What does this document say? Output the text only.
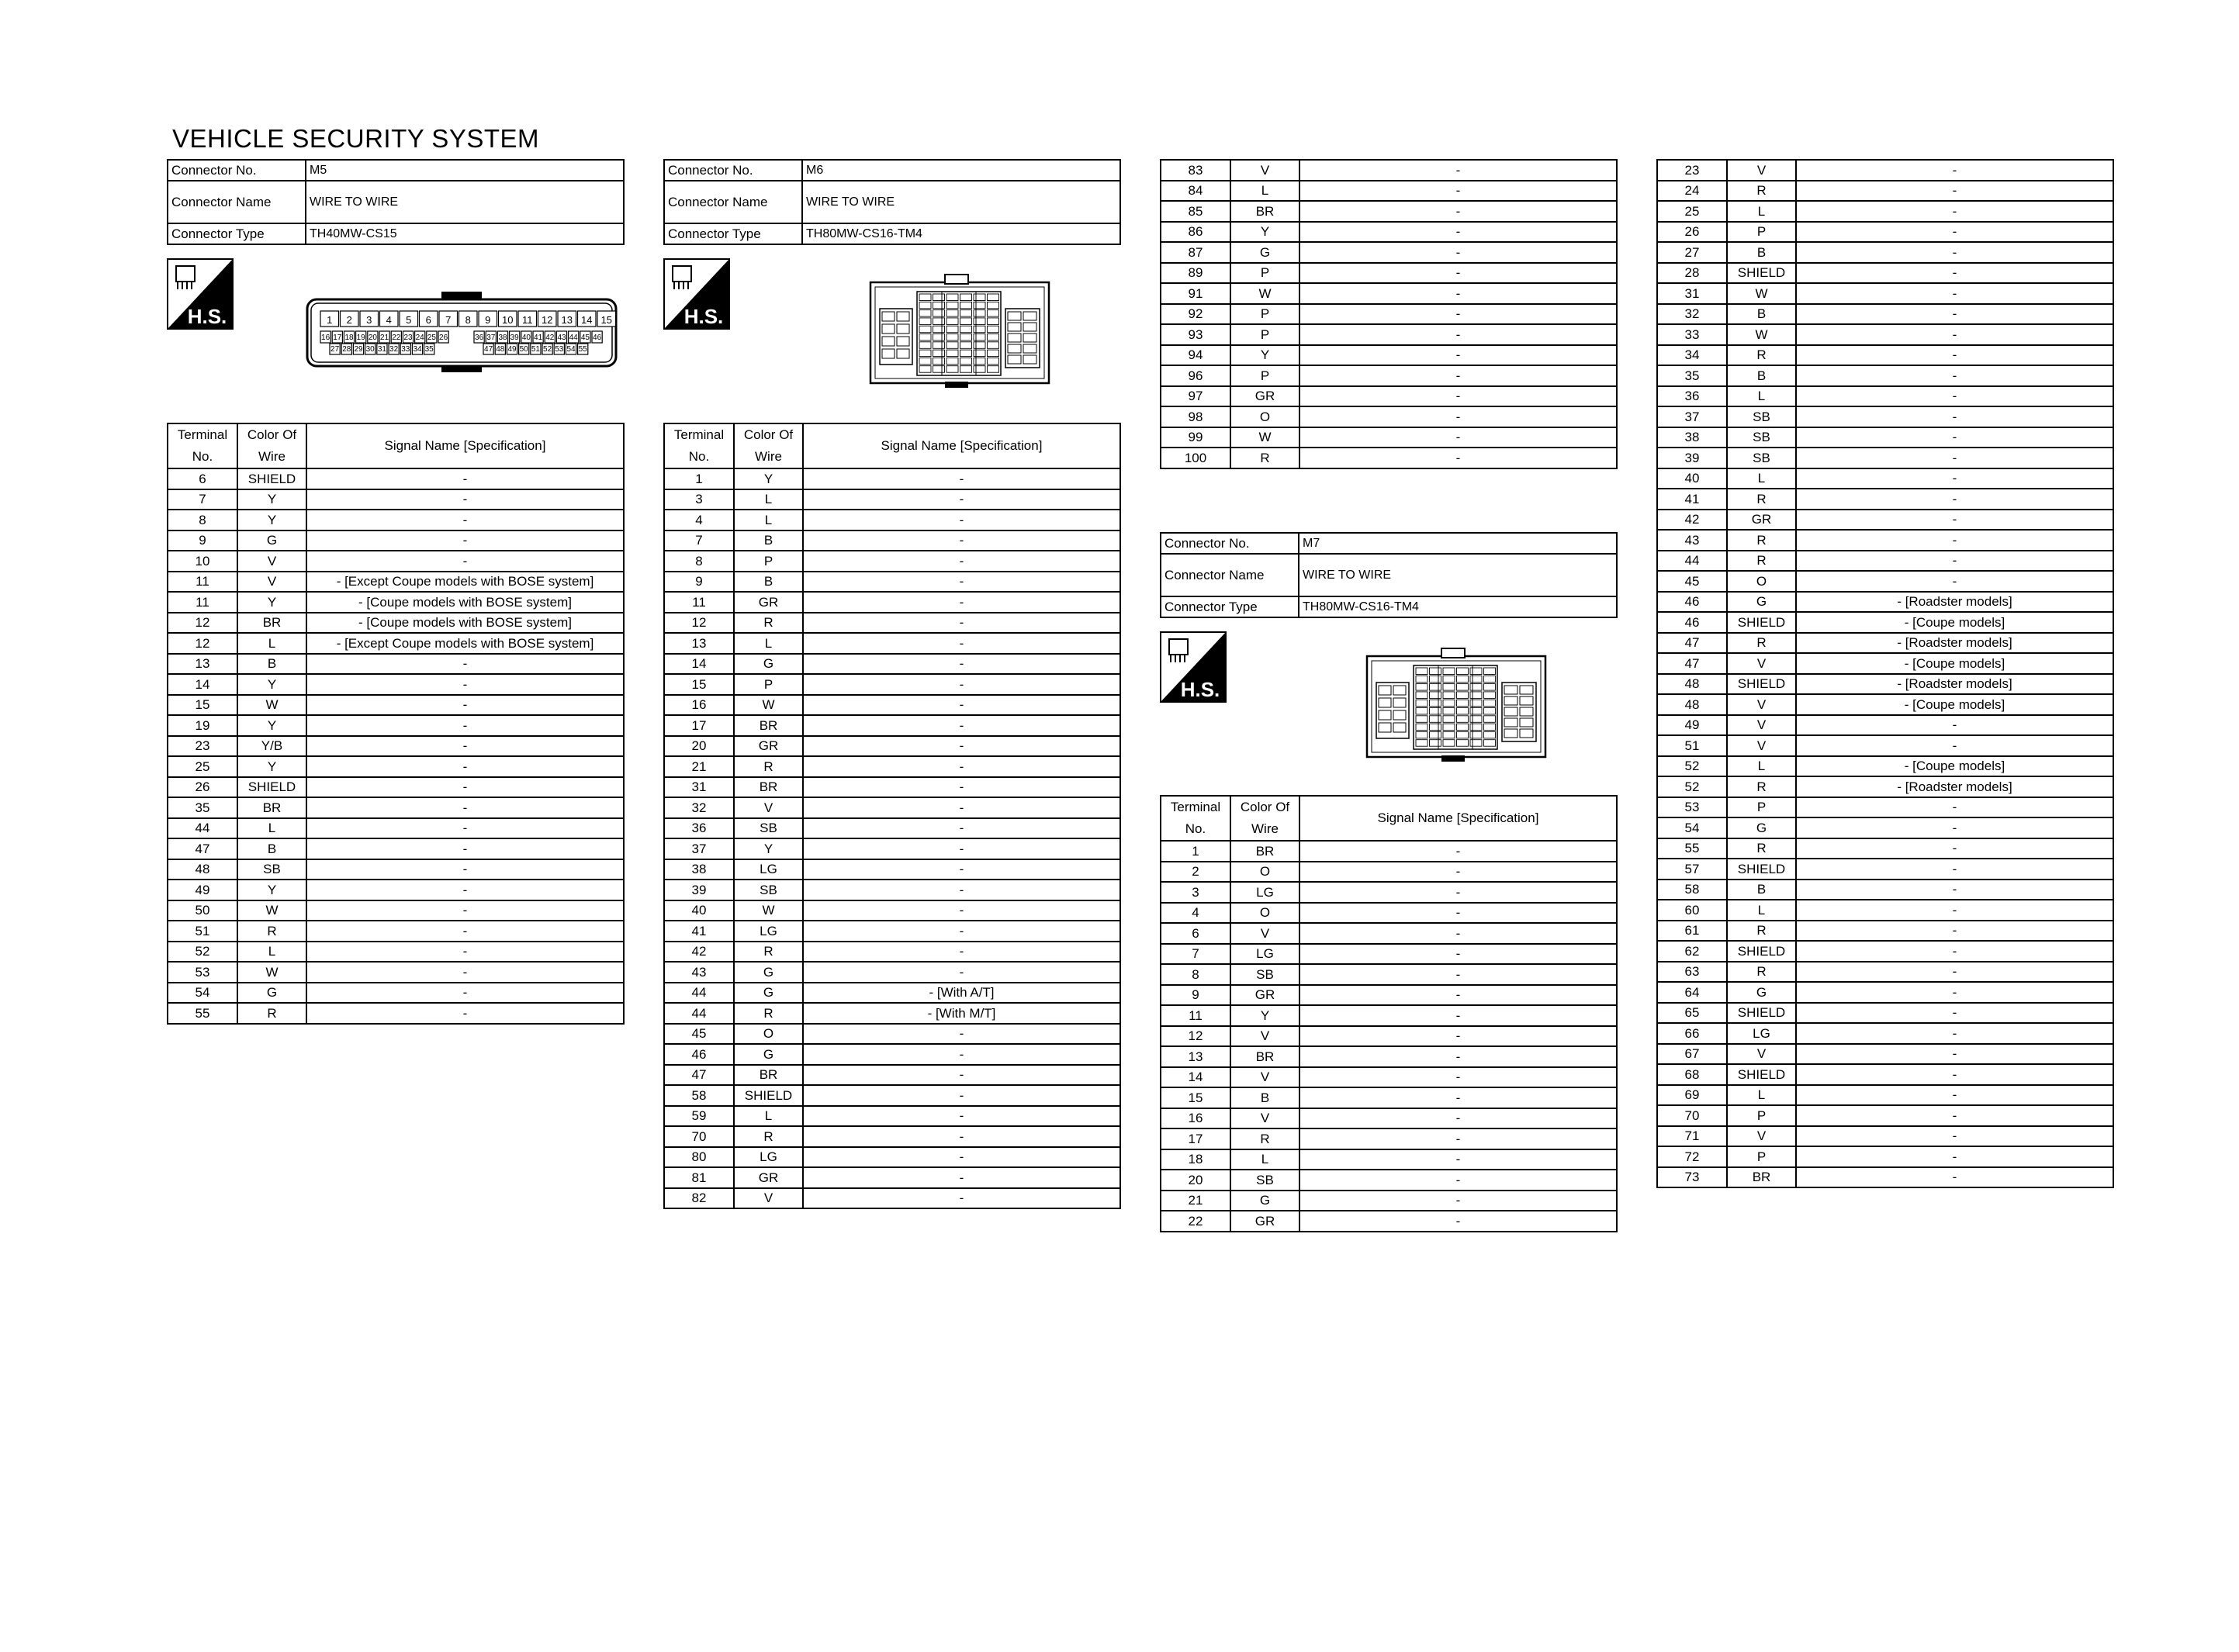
VEHICLE SECURITY SYSTEM
Connector No.	M5
Connector Name	WIRE TO WIRE
Connector Type	TH40MW-CS15
H.S.	1 2 3 4 5 6 7 8 9 10 11 12 13 14 15
16 17 18 19 20 21 22 23 24 25 26	36 37 38 39 40 41 42 43 44 45 46
27 28 29 30 31 32 33 34 35	47 48 49 50 51 52 53 54 55
Terminal No.	Color Of Wire	Signal Name [Specification]
6	SHIELD	-
7	Y	-
8	Y	-
9	G	-
10	V	-
11	V	- [Except Coupe models with BOSE system]
11	Y	- [Coupe models with BOSE system]
12	BR	- [Coupe models with BOSE system]
12	L	- [Except Coupe models with BOSE system]
13	B	-
14	Y	-
15	W	-
19	Y	-
23	Y/B	-
25	Y	-
26	SHIELD	-
35	BR	-
44	L	-
47	B	-
48	SB	-
49	Y	-
50	W	-
51	R	-
52	L	-
53	W	-
54	G	-
55	R	-
Connector No.	M6
Connector Name	WIRE TO WIRE
Connector Type	TH80MW-CS16-TM4
H.S.
Terminal No.	Color Of Wire	Signal Name [Specification]
1	Y	-
3	L	-
4	L	-
7	B	-
8	P	-
9	B	-
11	GR	-
12	R	-
13	L	-
14	G	-
15	P	-
16	W	-
17	BR	-
20	GR	-
21	R	-
31	BR	-
32	V	-
36	SB	-
37	Y	-
38	LG	-
39	SB	-
40	W	-
41	LG	-
42	R	-
43	G	-
44	G	- [With A/T]
44	R	- [With M/T]
45	O	-
46	G	-
47	BR	-
58	SHIELD	-
59	L	-
70	R	-
80	LG	-
81	GR	-
82	V	-
83	V	-
84	L	-
85	BR	-
86	Y	-
87	G	-
89	P	-
91	W	-
92	P	-
93	P	-
94	Y	-
96	P	-
97	GR	-
98	O	-
99	W	-
100	R	-
Connector No.	M7
Connector Name	WIRE TO WIRE
Connector Type	TH80MW-CS16-TM4
H.S.
Terminal No.	Color Of Wire	Signal Name [Specification]
1	BR	-
2	O	-
3	LG	-
4	O	-
6	V	-
7	LG	-
8	SB	-
9	GR	-
11	Y	-
12	V	-
13	BR	-
14	V	-
15	B	-
16	V	-
17	R	-
18	L	-
20	SB	-
21	G	-
22	GR	-
23	V	-
24	R	-
25	L	-
26	P	-
27	B	-
28	SHIELD	-
31	W	-
32	B	-
33	W	-
34	R	-
35	B	-
36	L	-
37	SB	-
38	SB	-
39	SB	-
40	L	-
41	R	-
42	GR	-
43	R	-
44	R	-
45	O	-
46	G	- [Roadster models]
46	SHIELD	- [Coupe models]
47	R	- [Roadster models]
47	V	- [Coupe models]
48	SHIELD	- [Roadster models]
48	V	- [Coupe models]
49	V	-
51	V	-
52	L	- [Coupe models]
52	R	- [Roadster models]
53	P	-
54	G	-
55	R	-
57	SHIELD	-
58	B	-
60	L	-
61	R	-
62	SHIELD	-
63	R	-
64	G	-
65	SHIELD	-
66	LG	-
67	V	-
68	SHIELD	-
69	L	-
70	P	-
71	V	-
72	P	-
73	BR	-
